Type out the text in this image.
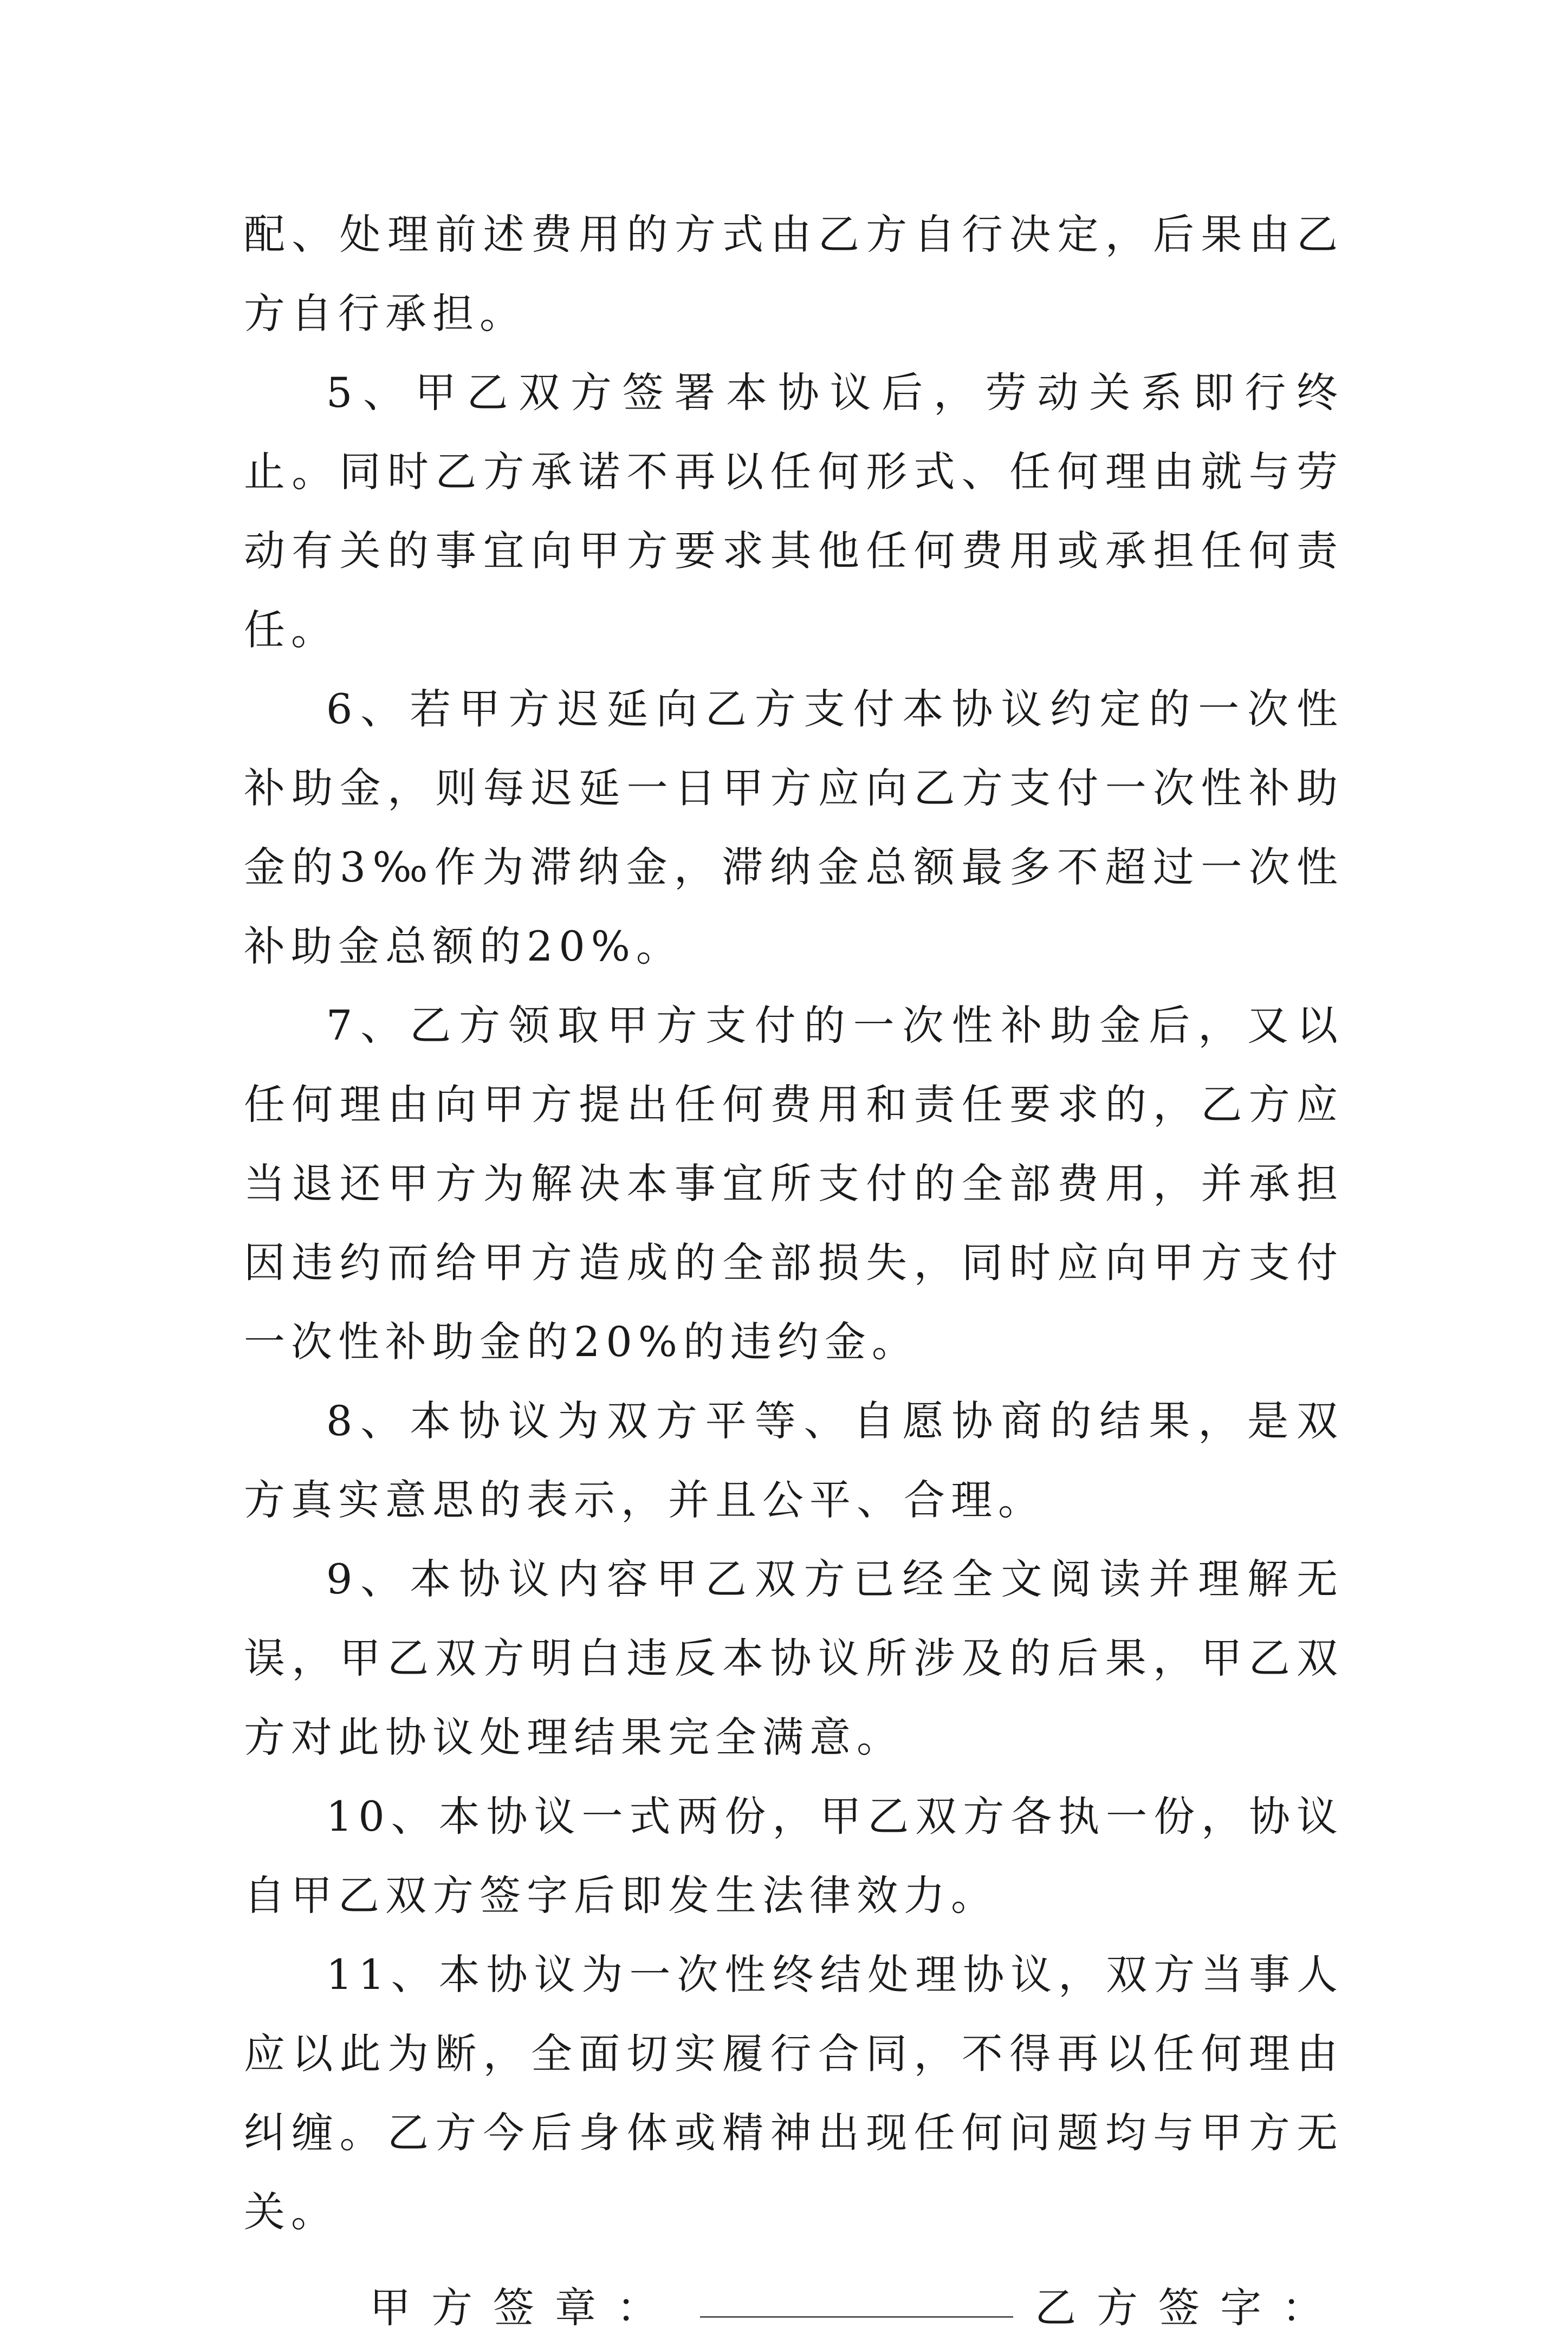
配、处理前述费用的方式由乙方自行决定，后果由乙方自行承担。

5、甲乙双方签署本协议后，劳动关系即行终止。同时乙方承诺不再以任何形式、任何理由就与劳动有关的事宜向甲方要求其他任何费用或承担任何责任。

6、若甲方迟延向乙方支付本协议约定的一次性补助金，则每迟延一日甲方应向乙方支付一次性补助金的3‰作为滞纳金，滞纳金总额最多不超过一次性补助金总额的20%。

7、乙方领取甲方支付的一次性补助金后，又以任何理由向甲方提出任何费用和责任要求的，乙方应当退还甲方为解决本事宜所支付的全部费用，并承担因违约而给甲方造成的全部损失，同时应向甲方支付一次性补助金的20%的违约金。

8、本协议为双方平等、自愿协商的结果，是双方真实意思的表示，并且公平、合理。

9、本协议内容甲乙双方已经全文阅读并理解无误，甲乙双方明白违反本协议所涉及的后果，甲乙双方对此协议处理结果完全满意。

10、本协议一式两份，甲乙双方各执一份，协议自甲乙双方签字后即发生法律效力。

11、本协议为一次性终结处理协议，双方当事人应以此为断，全面切实履行合同，不得再以任何理由纠缠。乙方今后身体或精神出现任何问题均与甲方无关。

甲方签章：	乙方签字：
